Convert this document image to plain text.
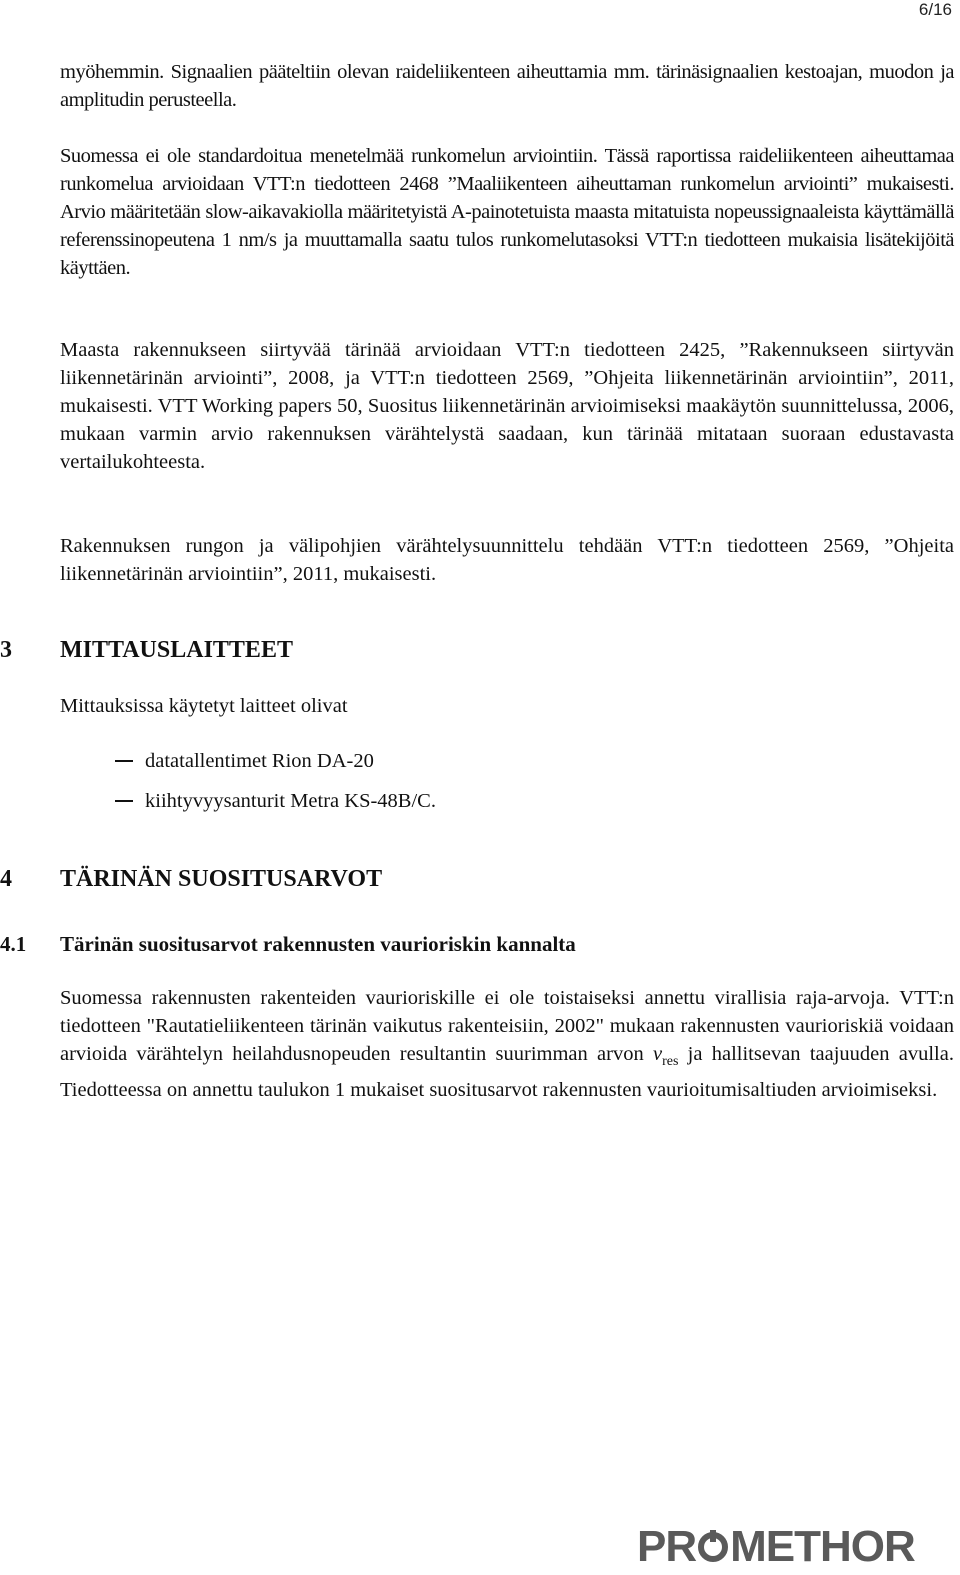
6/16

myöhemmin. Signaalien pääteltiin olevan raideliikenteen aiheuttamia mm. tärinäsignaalien kestoajan, muodon ja amplitudin perusteella.

Suomessa ei ole standardoitua menetelmää runkomelun arviointiin. Tässä raportissa raideliikenteen aiheuttamaa runkomelua arvioidaan VTT:n tiedotteen 2468 ”Maaliikenteen aiheuttaman runkomelun arviointi” mukaisesti. Arvio määritetään slow-aikavakiolla määritetyistä A-painotetuista maasta mitatuista nopeussignaaleista käyttämällä referenssinopeutena 1 nm/s ja muuttamalla saatu tulos runkomelutasoksi VTT:n tiedotteen mukaisia lisätekijöitä käyttäen.

Maasta rakennukseen siirtyvää tärinää arvioidaan VTT:n tiedotteen 2425, ”Rakennukseen siirtyvän liikennetärinän arviointi”, 2008, ja VTT:n tiedotteen 2569, ”Ohjeita liikennetärinän arviointiin”, 2011, mukaisesti. VTT Working papers 50, Suositus liikennetärinän arvioimiseksi maakäytön suunnittelussa, 2006, mukaan varmin arvio rakennuksen värähtelystä saadaan, kun tärinää mitataan suoraan edustavasta vertailukohteesta.

Rakennuksen rungon ja välipohjien värähtelysuunnittelu tehdään VTT:n tiedotteen 2569, ”Ohjeita liikennetärinän arviointiin”, 2011, mukaisesti.

3 MITTAUSLAITTEET

Mittauksissa käytetyt laitteet olivat

datatallentimet Rion DA-20
kiihtyvyysanturit Metra KS-48B/C.
4 TÄRINÄN SUOSITUSARVOT
4.1 Tärinän suositusarvot rakennusten vaurioriskin kannalta

Suomessa rakennusten rakenteiden vaurioriskille ei ole toistaiseksi annettu virallisia raja-arvoja. VTT:n tiedotteen "Rautatieliikenteen tärinän vaikutus rakenteisiin, 2002" mukaan rakennusten vaurioriskiä voidaan arvioida värähtelyn heilahdusnopeuden resultantin suurimman arvon $v_{res}$ ja hallitsevan taajuuden avulla. Tiedotteessa on annettu taulukon 1 mukaiset suositusarvot rakennusten vaurioitumisaltiuden arvioimiseksi.

PR METHOR
